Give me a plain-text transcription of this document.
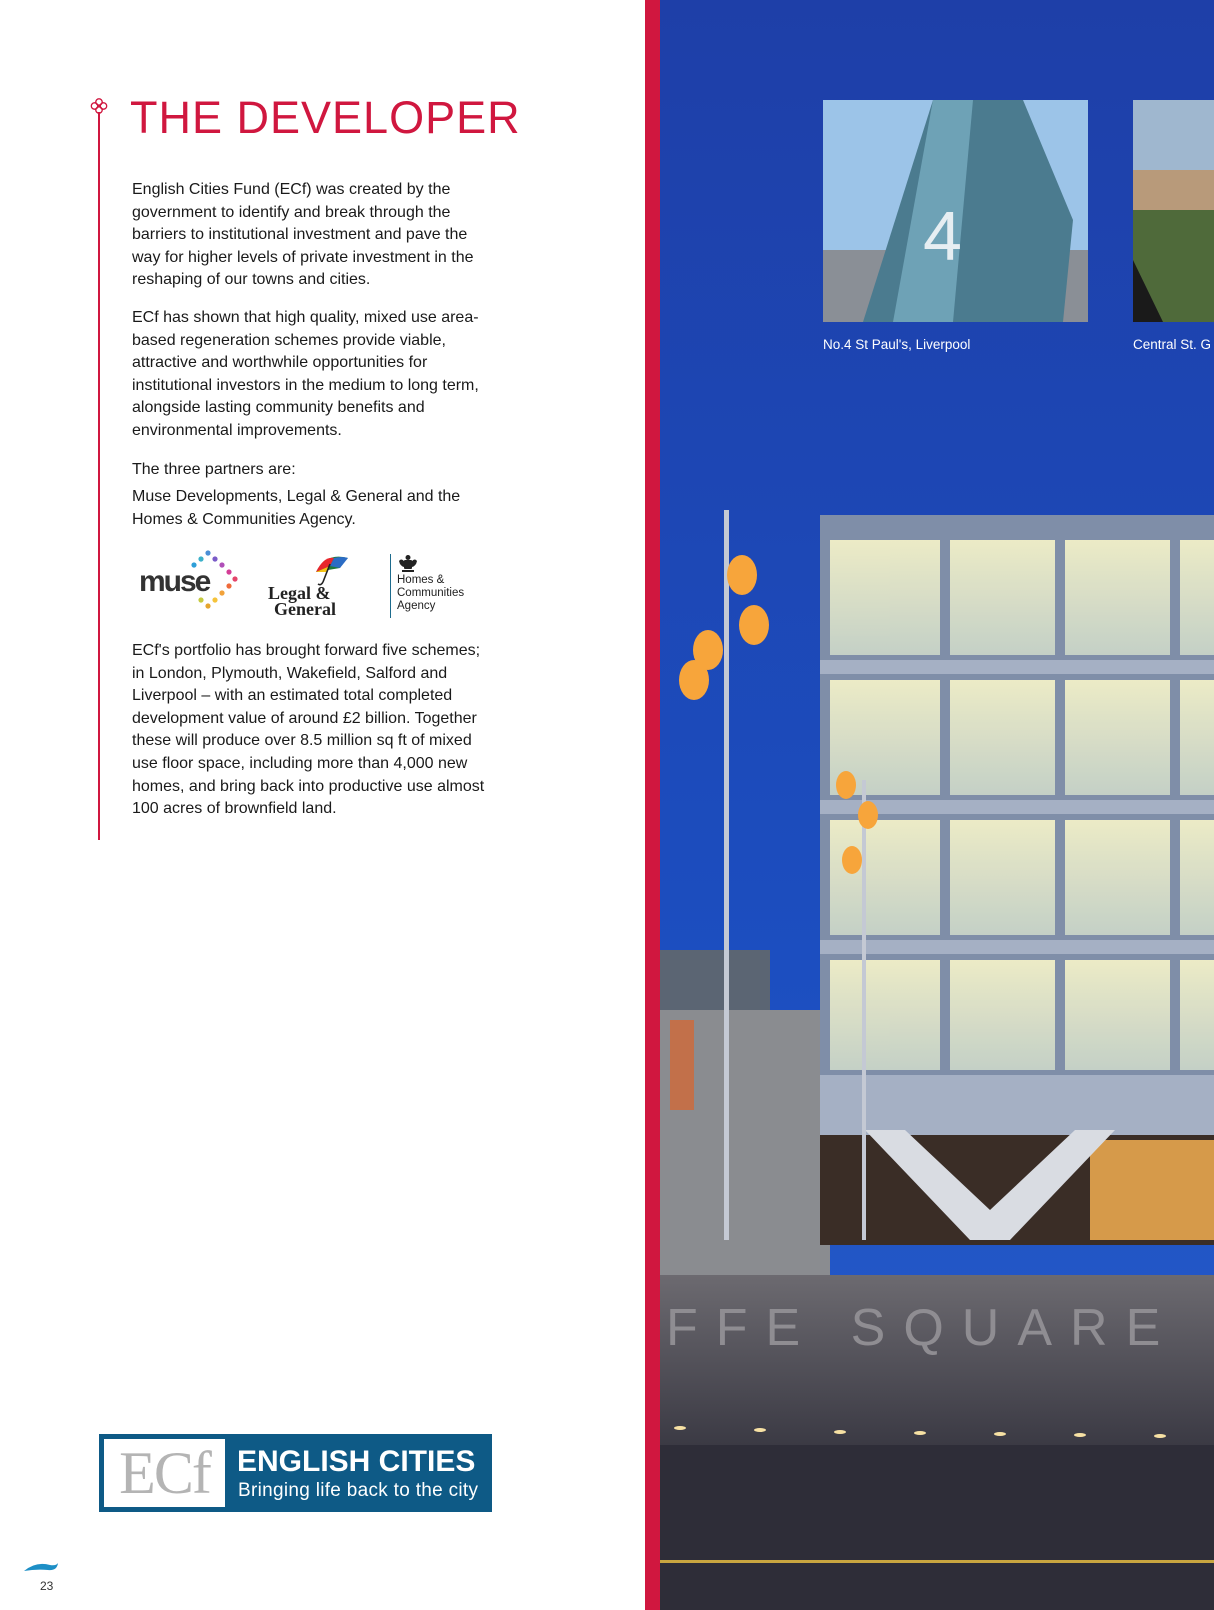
THE DEVELOPER

English Cities Fund (ECf) was created by the government to identify and break through the barriers to institutional investment and pave the way for higher levels of private investment in the reshaping of our towns and cities.

ECf has shown that high quality, mixed use area-based regeneration schemes provide viable, attractive and worthwhile opportunities for institutional investors in the medium to long term, alongside lasting community benefits and environmental improvements.

The three partners are:

Muse Developments, Legal & General and the Homes & Communities Agency.

muse	Legal &
General
Homes &
Communities
Agency

ECf's portfolio has brought forward five schemes; in London, Plymouth, Wakefield, Salford and Liverpool – with an estimated total completed development value of around £2 billion. Together these will produce over 8.5 million sq ft of mixed use floor space, including more than 4,000 new homes, and bring back into productive use almost 100 acres of brownfield land.

ECf ENGLISH CITIES
Bringing life back to the city
23
FFE SQUARE
4
No.4 St Paul's, Liverpool	Central St. G
